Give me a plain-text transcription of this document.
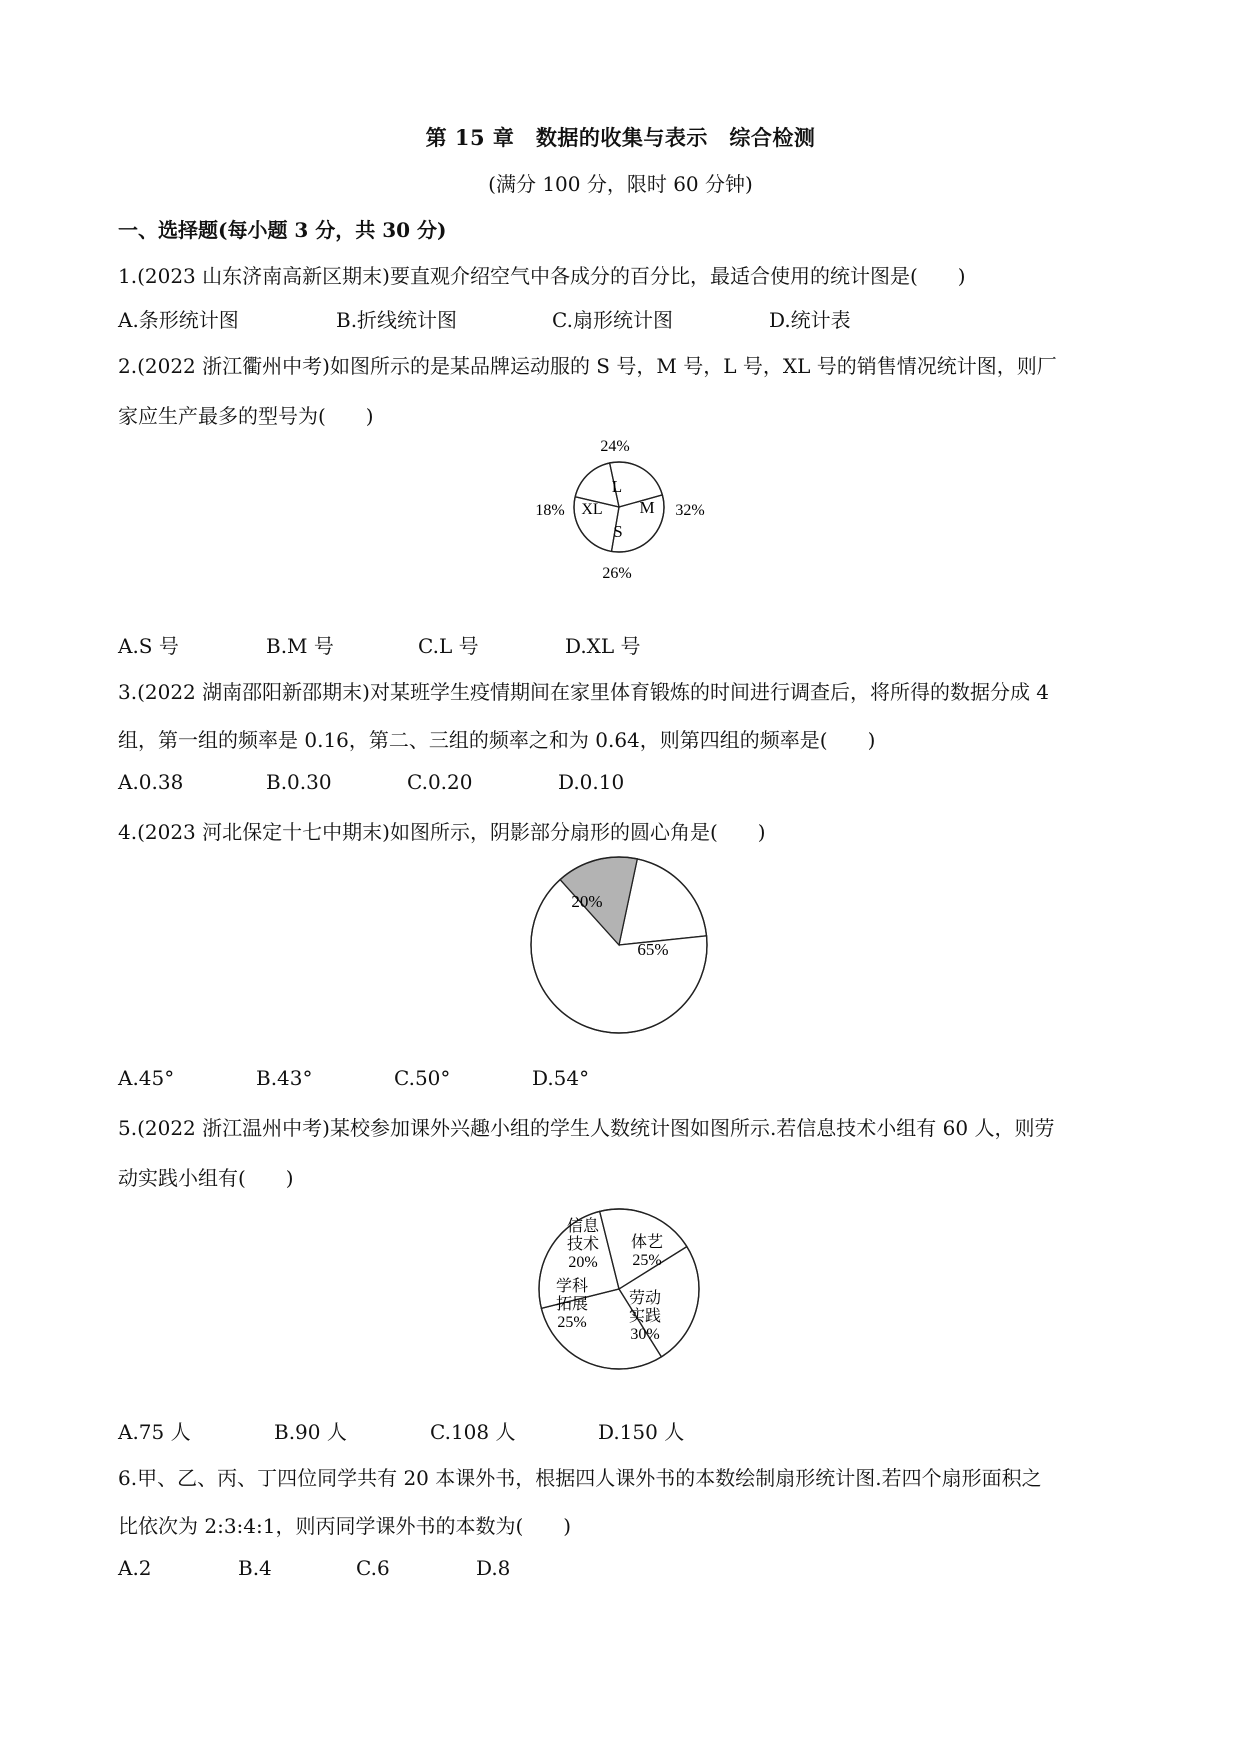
第 15 章　数据的收集与表示　综合检测
(满分 100 分，限时 60 分钟)
一、选择题(每小题 3 分，共 30 分)
1.(2023 山东济南高新区期末)要直观介绍空气中各成分的百分比，最适合使用的统计图是(　　)
A.条形统计图	B.折线统计图	C.扇形统计图	D.统计表
2.(2022 浙江衢州中考)如图所示的是某品牌运动服的 S 号，M 号，L 号，XL 号的销售情况统计图，则厂
家应生产最多的型号为(　　)
L
M
S
XL
24%
32%
26%
18%
A.S 号	B.M 号	C.L 号	D.XL 号
3.(2022 湖南邵阳新邵期末)对某班学生疫情期间在家里体育锻炼的时间进行调查后，将所得的数据分成 4
组，第一组的频率是 0.16，第二、三组的频率之和为 0.64，则第四组的频率是(　　)
A.0.38	B.0.30	C.0.20	D.0.10
4.(2023 河北保定十七中期末)如图所示，阴影部分扇形的圆心角是(　　)
20%
65%
A.45°	B.43°	C.50°	D.54°
5.(2022 浙江温州中考)某校参加课外兴趣小组的学生人数统计图如图所示.若信息技术小组有 60 人，则劳
动实践小组有(　　)
信息
技术
20%
体艺
25%
劳动
实践
30%
学科
拓展
25%
A.75 人	B.90 人	C.108 人	D.150 人
6.甲、乙、丙、丁四位同学共有 20 本课外书，根据四人课外书的本数绘制扇形统计图.若四个扇形面积之
比依次为 2:3:4:1，则丙同学课外书的本数为(　　)
A.2	B.4	C.6	D.8
